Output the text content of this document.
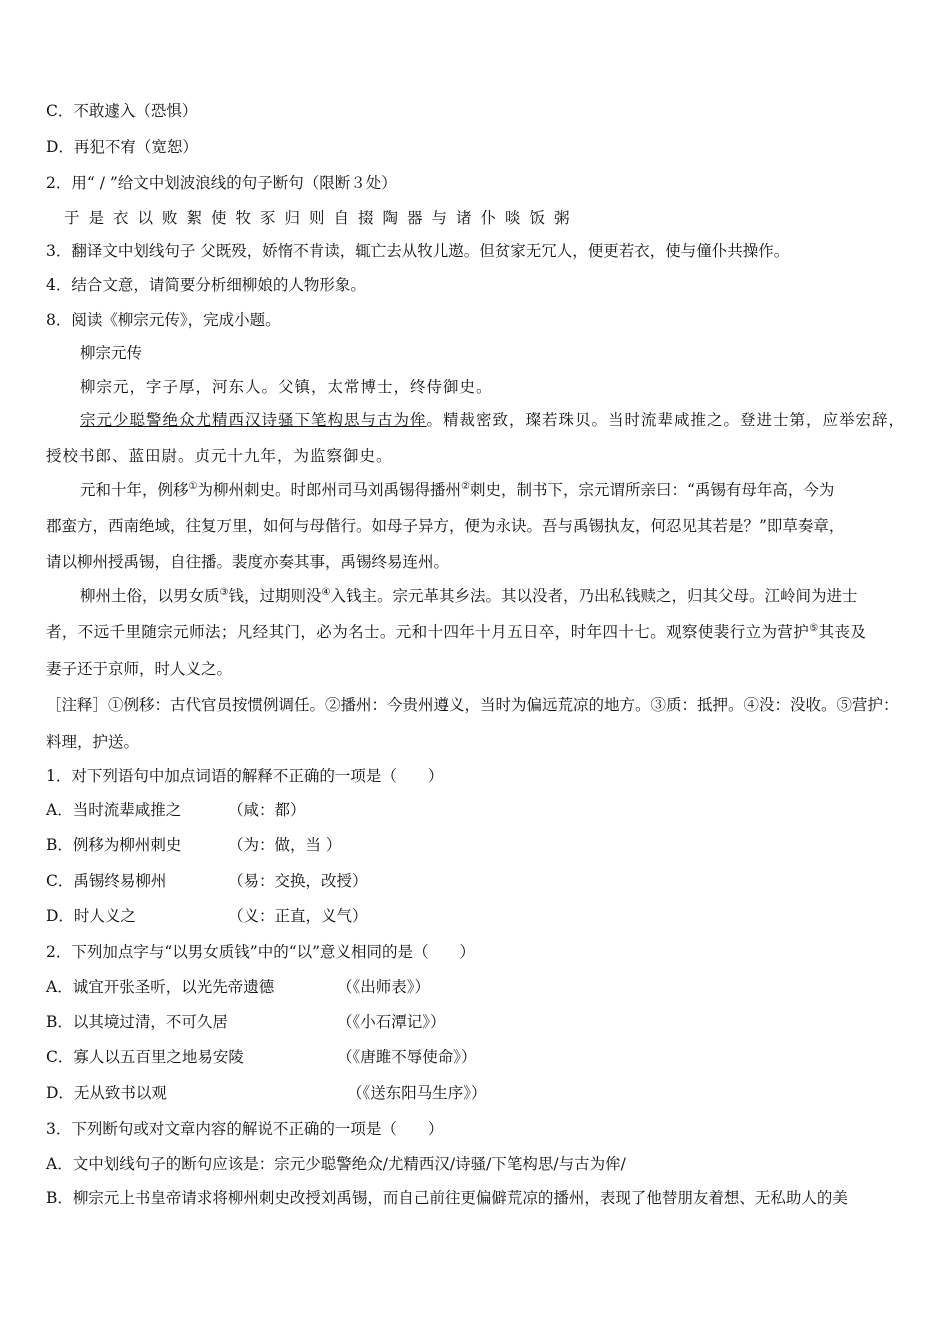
C．不敢遽入（恐惧）
D．再犯不宥（宽恕）
2．用“ / ”给文中划波浪线的句子断句（限断３处）
于是衣以败絮使牧豕归则自掇陶器与诸仆啖饭粥
3．翻译文中划线句子 父既殁，娇惰不肯读，辄亡去从牧儿遨。但贫家无冗人，便更若衣，使与僮仆共操作。
4．结合文意，请简要分析细柳娘的人物形象。
8．阅读《柳宗元传》，完成小题。
柳宗元传
柳宗元，字子厚，河东人。父镇，太常博士，终侍御史。
宗元少聪警绝众尤精西汉诗骚下笔构思与古为侔。精裁密致，璨若珠贝。当时流辈咸推之。登进士第，应举宏辞，
授校书郎、蓝田尉。贞元十九年，为监察御史。
元和十年，例移①为柳州刺史。时郎州司马刘禹锡得播州②刺史，制书下，宗元谓所亲曰：“禹锡有母年高，今为
郡蛮方，西南绝域，往复万里，如何与母偕行。如母子异方，便为永诀。吾与禹锡执友，何忍见其若是？”即草奏章，
请以柳州授禹锡，自往播。裴度亦奏其事，禹锡终易连州。
柳州土俗，以男女质③钱，过期则没④入钱主。宗元革其乡法。其以没者，乃出私钱赎之，归其父母。江岭间为进士
者，不远千里随宗元师法；凡经其门，必为名士。元和十四年十月五日卒，时年四十七。观察使裴行立为营护⑤其丧及
妻子还于京师，时人义之。
［注释］①例移：古代官员按惯例调任。②播州：今贵州遵义，当时为偏远荒凉的地方。③质：抵押。④没：没收。⑤营护：
料理，护送。
1．对下列语句中加点词语的解释不正确的一项是（　　）
A．当时流辈咸推之	（咸：都）
B．例移为柳州刺史	（为：做，当 ）
C．禹锡终易柳州	（易：交换，改授）
D．时人义之	（义：正直，义气）
2．下列加点字与“以男女质钱”中的“以”意义相同的是（　　）
A．诚宜开张圣听，以光先帝遗德	（《出师表》）
B．以其境过清，不可久居	（《小石潭记》）
C．寡人以五百里之地易安陵	（《唐雎不辱使命》）
D．无从致书以观	（《送东阳马生序》）
3．下列断句或对文章内容的解说不正确的一项是（　　）
A．文中划线句子的断句应该是：宗元少聪警绝众/尤精西汉/诗骚/下笔构思/与古为侔/
B．柳宗元上书皇帝请求将柳州刺史改授刘禹锡，而自己前往更偏僻荒凉的播州，表现了他替朋友着想、无私助人的美
